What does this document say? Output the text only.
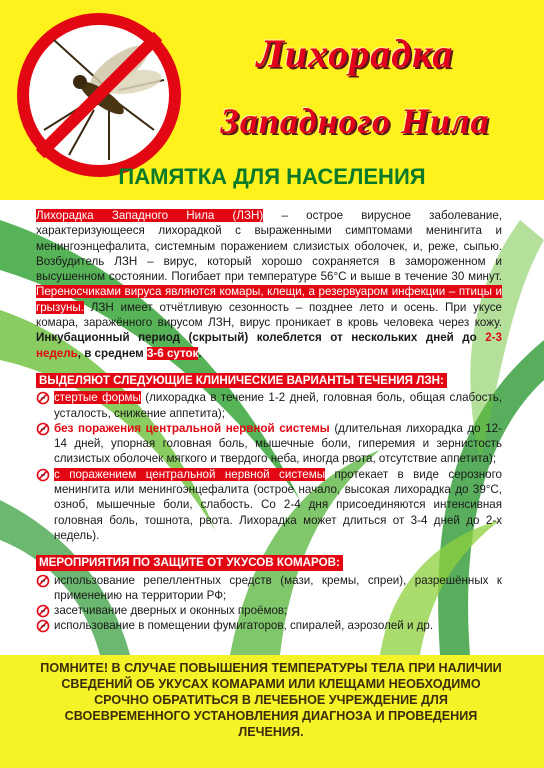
Лихорадка
Западного Нила
ПАМЯТКА ДЛЯ НАСЕЛЕНИЯ

Лихорадка Западного Нила (ЛЗН) – острое вирусное заболевание, характеризующееся лихорадкой с выраженными симптомами менингита и менингоэнцефалита, системным поражением слизистых оболочек, и, реже, сыпью. Возбудитель ЛЗН – вирус, который хорошо сохраняется в замороженном и высушенном состоянии. Погибает при температуре 56°С и выше в течение 30 минут. Переносчиками вируса являются комары, клещи, а резервуаром инфекции – птицы и грызуны. ЛЗН имеет отчётливую сезонность – позднее лето и осень. При укусе комара, заражённого вирусом ЛЗН, вирус проникает в кровь человека через кожу. Инкубационный период (скрытый) колеблется от нескольких дней до 2-3 недель, в среднем 3-6 суток.

ВЫДЕЛЯЮТ СЛЕДУЮЩИЕ КЛИНИЧЕСКИЕ ВАРИАНТЫ ТЕЧЕНИЯ ЛЗН:
стертые формы (лихорадка в течение 1-2 дней, головная боль, общая слабость, усталость, снижение аппетита);
без поражения центральной нервной системы (длительная лихорадка до 12-14 дней, упорная головная боль, мышечные боли, гиперемия и зернистость слизистых оболочек мягкого и твердого неба, иногда рвота, отсутствие аппетита);
с поражением центральной нервной системы протекает в виде серозного менингита или менингоэнцефалита (острое начало, высокая лихорадка до 39°С, озноб, мышечные боли, слабость. Со 2-4 дня присоединяются интенсивная головная боль, тошнота, рвота. Лихорадка может длиться от 3-4 дней до 2-х недель).
МЕРОПРИЯТИЯ ПО ЗАЩИТЕ ОТ УКУСОВ КОМАРОВ:
использование репеллентных средств (мази, кремы, спреи), разрешённых к применению на территории РФ;
засетчивание дверных и оконных проёмов;
использование в помещении фумигаторов, спиралей, аэрозолей и др.
ПОМНИТЕ! В СЛУЧАЕ ПОВЫШЕНИЯ ТЕМПЕРАТУРЫ ТЕЛА ПРИ НАЛИЧИИ СВЕДЕНИЙ ОБ УКУСАХ КОМАРАМИ ИЛИ КЛЕЩАМИ НЕОБХОДИМО СРОЧНО ОБРАТИТЬСЯ В ЛЕЧЕБНОЕ УЧРЕЖДЕНИЕ ДЛЯ СВОЕВРЕМЕННОГО УСТАНОВЛЕНИЯ ДИАГНОЗА И ПРОВЕДЕНИЯ ЛЕЧЕНИЯ.
